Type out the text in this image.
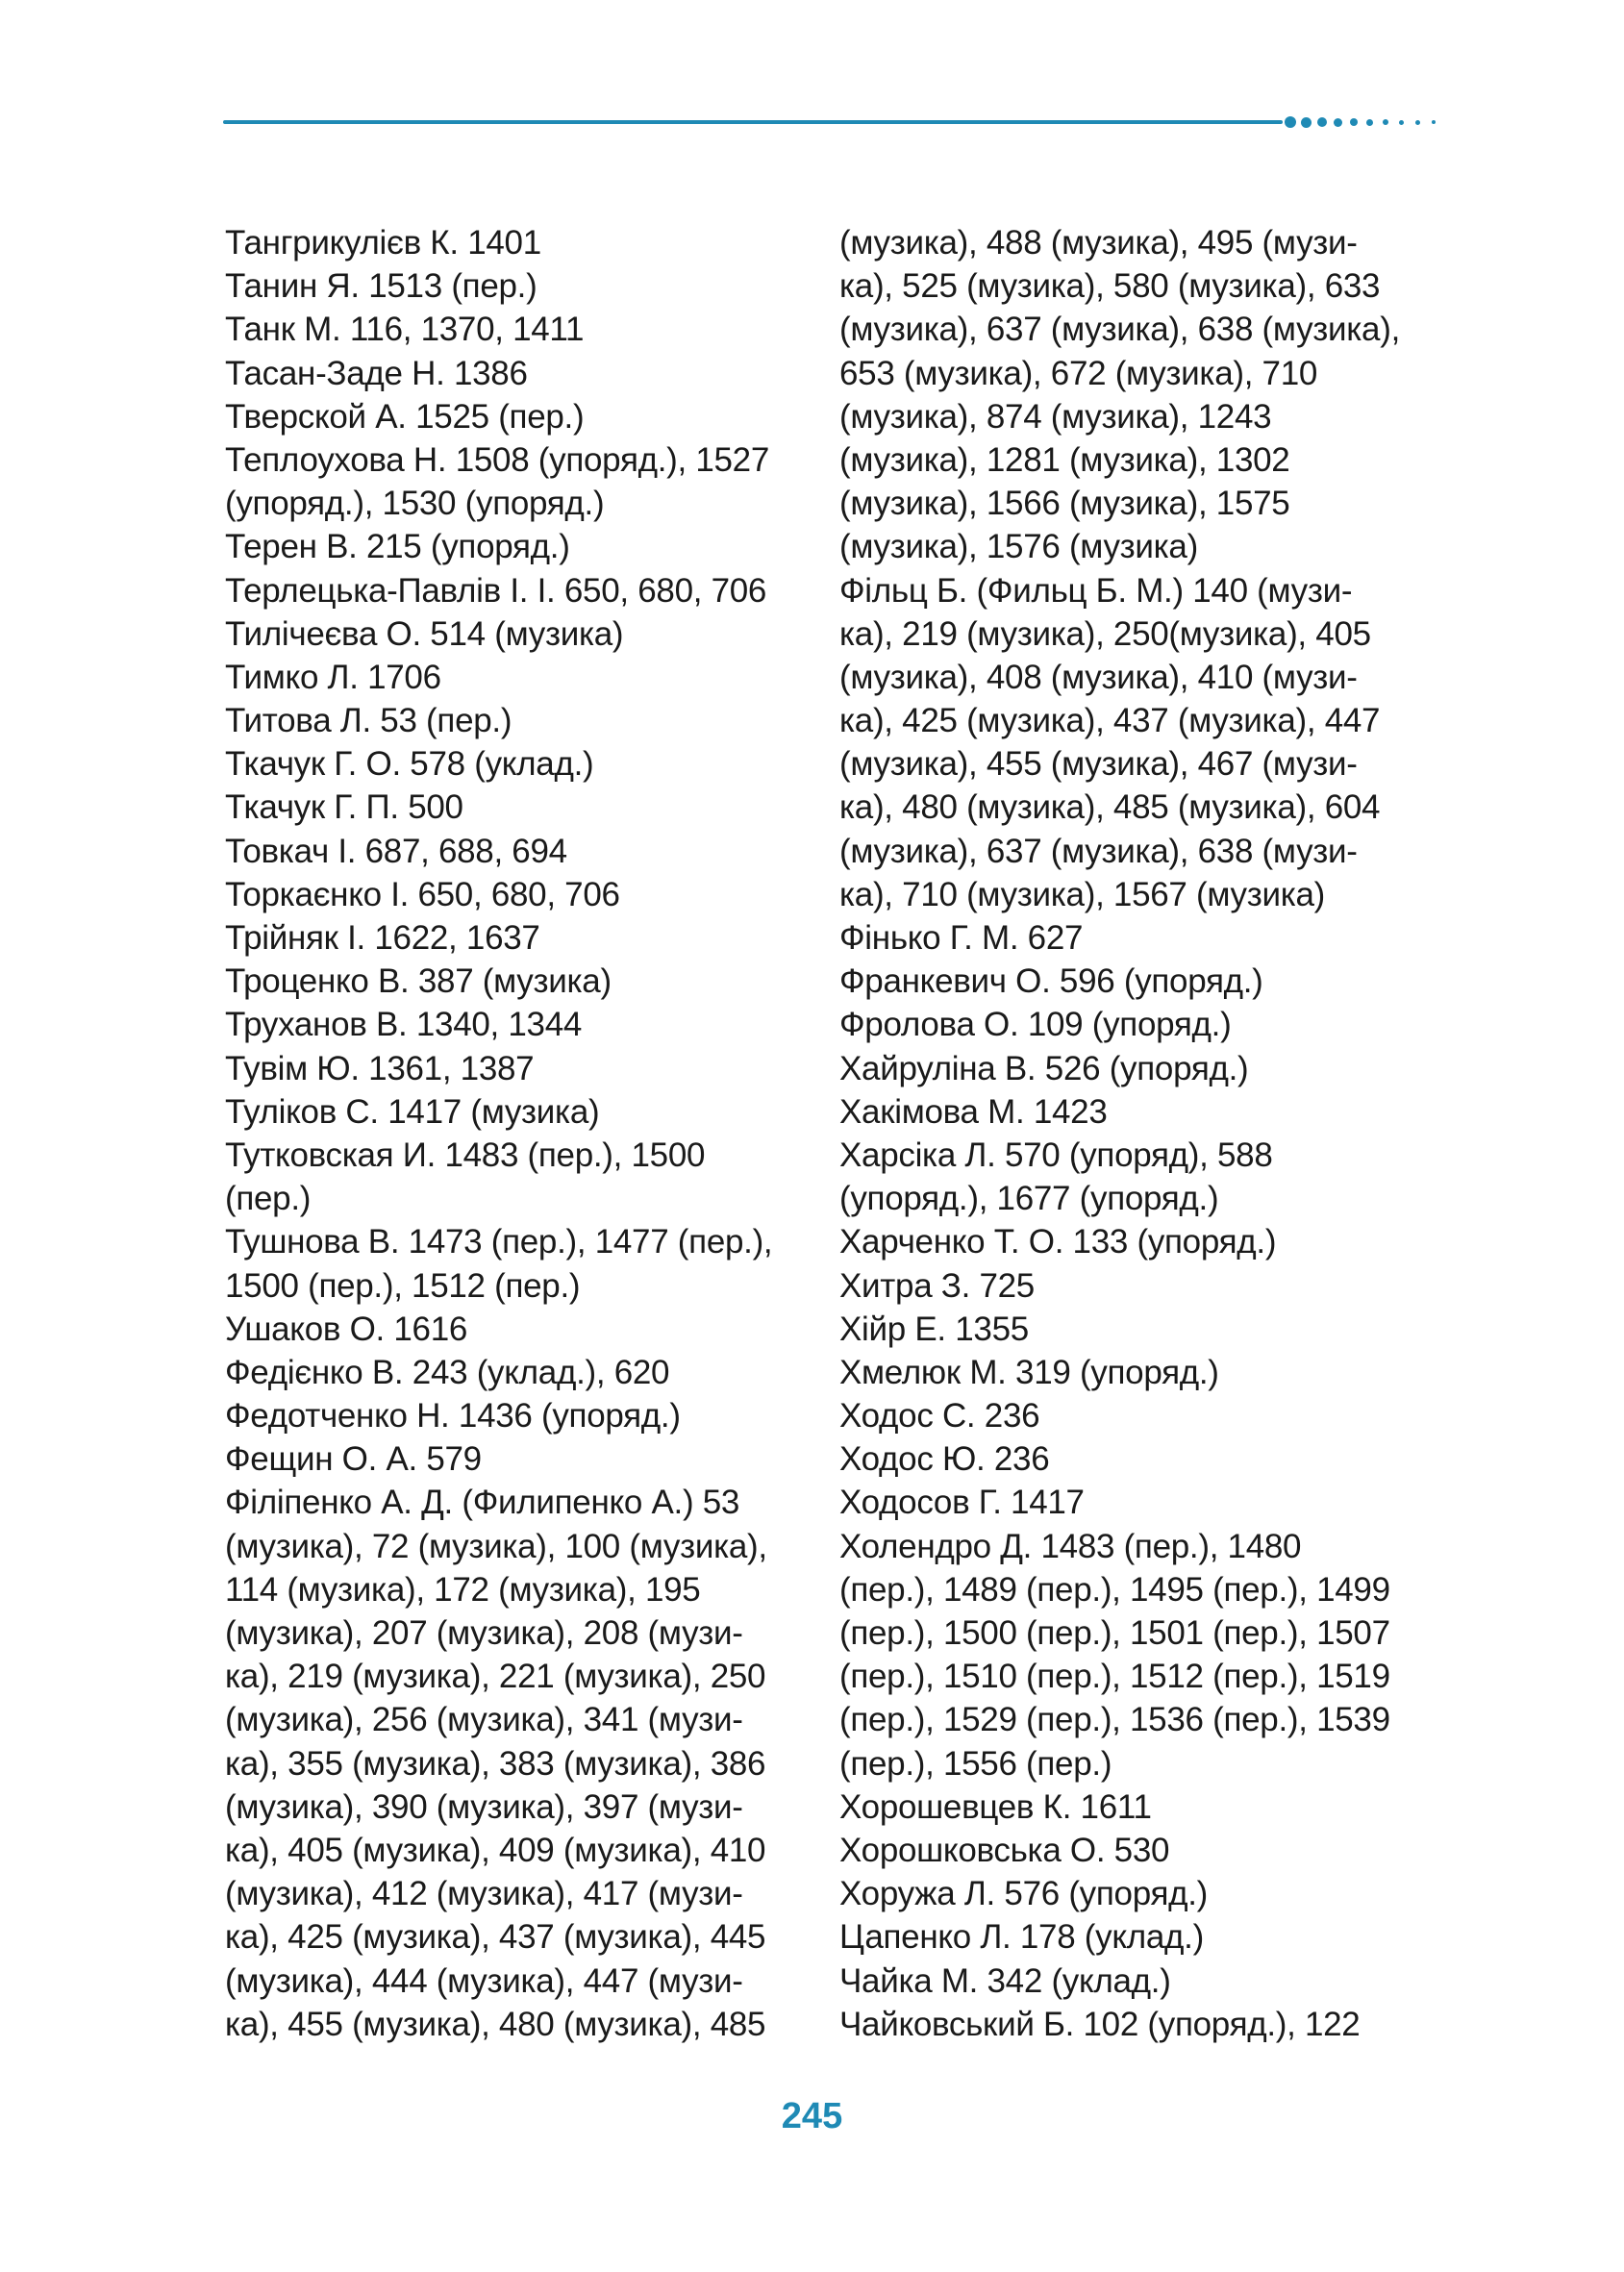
Тангрикулієв К. 1401
Танин Я. 1513 (пер.)
Танк М. 116, 1370, 1411
Тасан-Заде Н. 1386
Тверской А. 1525 (пер.)
Теплоухова Н. 1508 (упоряд.), 1527
(упоряд.), 1530 (упоряд.)
Терен В. 215 (упоряд.)
Терлецька-Павлів І. І. 650, 680, 706
Тилічеєва О. 514 (музика)
Тимко Л. 1706
Титова Л. 53 (пер.)
Ткачук Г. О. 578 (уклад.)
Ткачук Г. П. 500
Товкач І. 687, 688, 694
Торкаєнко І. 650, 680, 706
Трійняк І. 1622, 1637
Троценко В. 387 (музика)
Труханов В. 1340, 1344
Тувім Ю. 1361, 1387
Туліков С. 1417 (музика)
Тутковская И. 1483 (пер.), 1500
(пер.)
Тушнова В. 1473 (пер.), 1477 (пер.),
1500 (пер.), 1512 (пер.)
Ушаков О. 1616
Федієнко В. 243 (уклад.), 620
Федотченко Н. 1436 (упоряд.)
Фещин О. А. 579
Філіпенко А. Д. (Филипенко А.) 53
(музика), 72 (музика), 100 (музика),
114 (музика), 172 (музика), 195
(музика), 207 (музика), 208 (музи-
ка), 219 (музика), 221 (музика), 250
(музика), 256 (музика), 341 (музи-
ка), 355 (музика), 383 (музика), 386
(музика), 390 (музика), 397 (музи-
ка), 405 (музика), 409 (музика), 410
(музика), 412 (музика), 417 (музи-
ка), 425 (музика), 437 (музика), 445
(музика), 444 (музика), 447 (музи-
ка), 455 (музика), 480 (музика), 485
(музика), 488 (музика), 495 (музи-
ка), 525 (музика), 580 (музика), 633
(музика), 637 (музика), 638 (музика),
653 (музика), 672 (музика), 710
(музика), 874 (музика), 1243
(музика), 1281 (музика), 1302
(музика), 1566 (музика), 1575
(музика), 1576 (музика)
Фільц Б. (Фильц Б. М.) 140 (музи-
ка), 219 (музика), 250(музика), 405
(музика), 408 (музика), 410 (музи-
ка), 425 (музика), 437 (музика), 447
(музика), 455 (музика), 467 (музи-
ка), 480 (музика), 485 (музика), 604
(музика), 637 (музика), 638 (музи-
ка), 710 (музика), 1567 (музика)
Фінько Г. М. 627
Франкевич О. 596 (упоряд.)
Фролова О. 109 (упоряд.)
Хайруліна В. 526 (упоряд.)
Хакімова М. 1423
Харсіка Л. 570 (упоряд), 588
(упоряд.), 1677 (упоряд.)
Харченко Т. О. 133 (упоряд.)
Хитра З. 725
Хійр Е. 1355
Хмелюк М. 319 (упоряд.)
Ходос С. 236
Ходос Ю. 236
Ходосов Г. 1417
Холендро Д. 1483 (пер.), 1480
(пер.), 1489 (пер.), 1495 (пер.), 1499
(пер.), 1500 (пер.), 1501 (пер.), 1507
(пер.), 1510 (пер.), 1512 (пер.), 1519
(пер.), 1529 (пер.), 1536 (пер.), 1539
(пер.), 1556 (пер.)
Хорошевцев К. 1611
Хорошковська О. 530
Хоружа Л. 576 (упоряд.)
Цапенко Л. 178 (уклад.)
Чайка М. 342 (уклад.)
Чайковський Б. 102 (упоряд.), 122
245
